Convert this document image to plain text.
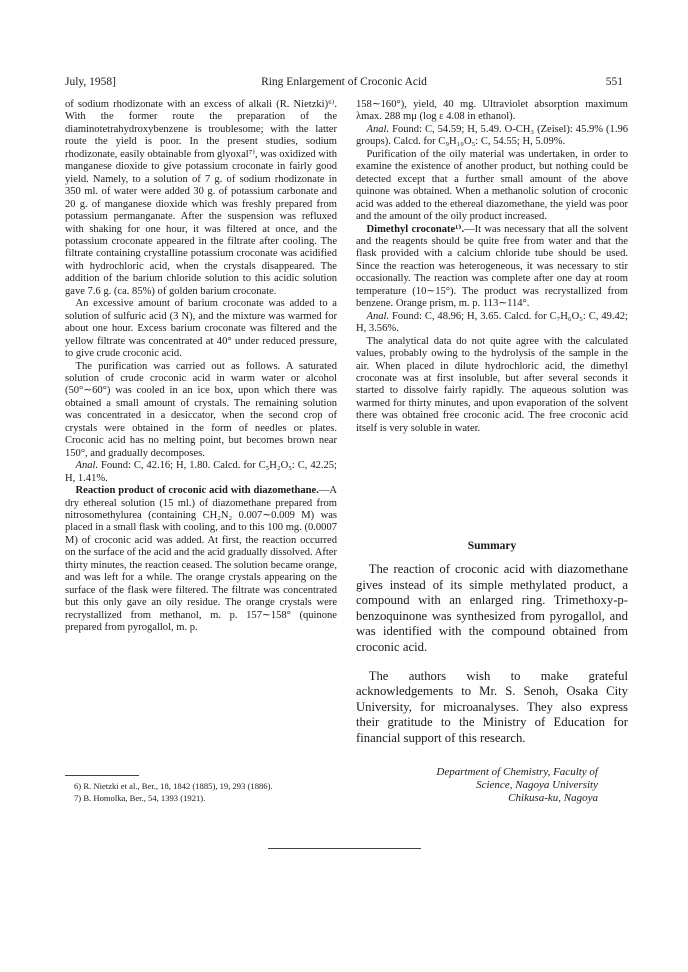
July, 1958]	Ring Enlargement of Croconic Acid	551

of sodium rhodizonate with an excess of alkali (R. Nietzki)⁶⁾. With the former route the preparation of the diaminotetrahydroxybenzene is troublesome; with the latter route the yield is poor. In the present studies, sodium rhodizonate, easily obtainable from glyoxal⁷⁾, was oxidized with manganese dioxide to give potassium croconate in fairly good yield. Namely, to a solution of 7 g. of sodium rhodizonate in 350 ml. of water were added 30 g. of potassium carbonate and 20 g. of manganese dioxide which was freshly prepared from potassium permanganate. After the suspension was refluxed with shaking for one hour, it was filtered at once, and the potassium croconate appeared in the filtrate after cooling. The filtrate containing crystalline potassium croconate was acidified with hydrochloric acid, when the crystals disappeared. The addition of the barium chloride solution to this acidic solution gave 7.6 g. (ca. 85%) of golden barium croconate.

An excessive amount of barium croconate was added to a solution of sulfuric acid (3 N), and the mixture was warmed for about one hour. Excess barium croconate was filtered and the yellow filtrate was concentrated at 40° under reduced pressure, to give crude croconic acid.

The purification was carried out as follows. A saturated solution of crude croconic acid in warm water or alcohol (50°∼60°) was cooled in an ice box, upon which there was obtained a small amount of crystals. The remaining solution was concentrated in a desiccator, when the second crop of crystals were obtained in the form of needles or plates. Croconic acid has no melting point, but becomes brown near 150°, and gradually decomposes.

Anal. Found: C, 42.16; H, 1.80. Calcd. for C₅H₂O₅: C, 42.25; H, 1.41%.

Reaction product of croconic acid with diazomethane.—A dry ethereal solution (15 ml.) of diazomethane prepared from nitrosomethylurea (containing CH₂N₂ 0.007∼0.009 M) was placed in a small flask with cooling, and to this 100 mg. (0.0007 M) of croconic acid was added. At first, the reaction occurred on the surface of the acid and the acid gradually dissolved. After thirty minutes, the reaction ceased. The solution became orange, and was left for a while. The orange crystals appearing on the surface of the flask were filtered. The filtrate was concentrated but this only gave an oily residue. The orange crystals were recrystallized from methanol, m. p. 157∼158° (quinone prepared from pyrogallol, m. p.

6) R. Nietzki et al., Ber., 18, 1842 (1885), 19, 293 (1886).
7) B. Homolka, Ber., 54, 1393 (1921).

158∼160°), yield, 40 mg. Ultraviolet absorption maximum λmax. 288 mμ (log ε 4.08 in ethanol).

Anal. Found: C, 54.59; H, 5.49. O-CH₃ (Zeisel): 45.9% (1.96 groups). Calcd. for C₉H₁₀O₅: C, 54.55; H, 5.09%.

Purification of the oily material was undertaken, in order to examine the existence of another product, but nothing could be detected except that a further small amount of the above quinone was obtained. When a methanolic solution of croconic acid was added to the ethereal diazomethane, the yield was poor and the amount of the oily product increased.

Dimethyl croconate¹⁾.—It was necessary that all the solvent and the reagents should be quite free from water and that the flask provided with a calcium chloride tube should be used. Since the reaction was heterogeneous, it was necessary to stir occasionally. The reaction was complete after one day at room temperature (10∼15°). The product was recrystallized from benzene. Orange prism, m. p. 113∼114°.

Anal. Found: C, 48.96; H, 3.65. Calcd. for C₇H₆O₅: C, 49.42; H, 3.56%.

The analytical data do not quite agree with the calculated values, probably owing to the hydrolysis of the sample in the air. When placed in dilute hydrochloric acid, the dimethyl croconate was at first insoluble, but after several seconds it started to dissolve fairly rapidly. The aqueous solution was warmed for thirty minutes, and upon evaporation of the solvent there was obtained free croconic acid. The free croconic acid itself is very soluble in water.

Summary

The reaction of croconic acid with diazomethane gives instead of its simple methylated product, a compound with an enlarged ring. Trimethoxy-p-benzoquinone was synthesized from pyrogallol, and was identified with the compound obtained from croconic acid.

The authors wish to make grateful acknowledgements to Mr. S. Senoh, Osaka City University, for microanalyses. They also express their gratitude to the Ministry of Education for financial support of this research.

Department of Chemistry, Faculty of
Science, Nagoya University
Chikusa-ku, Nagoya
